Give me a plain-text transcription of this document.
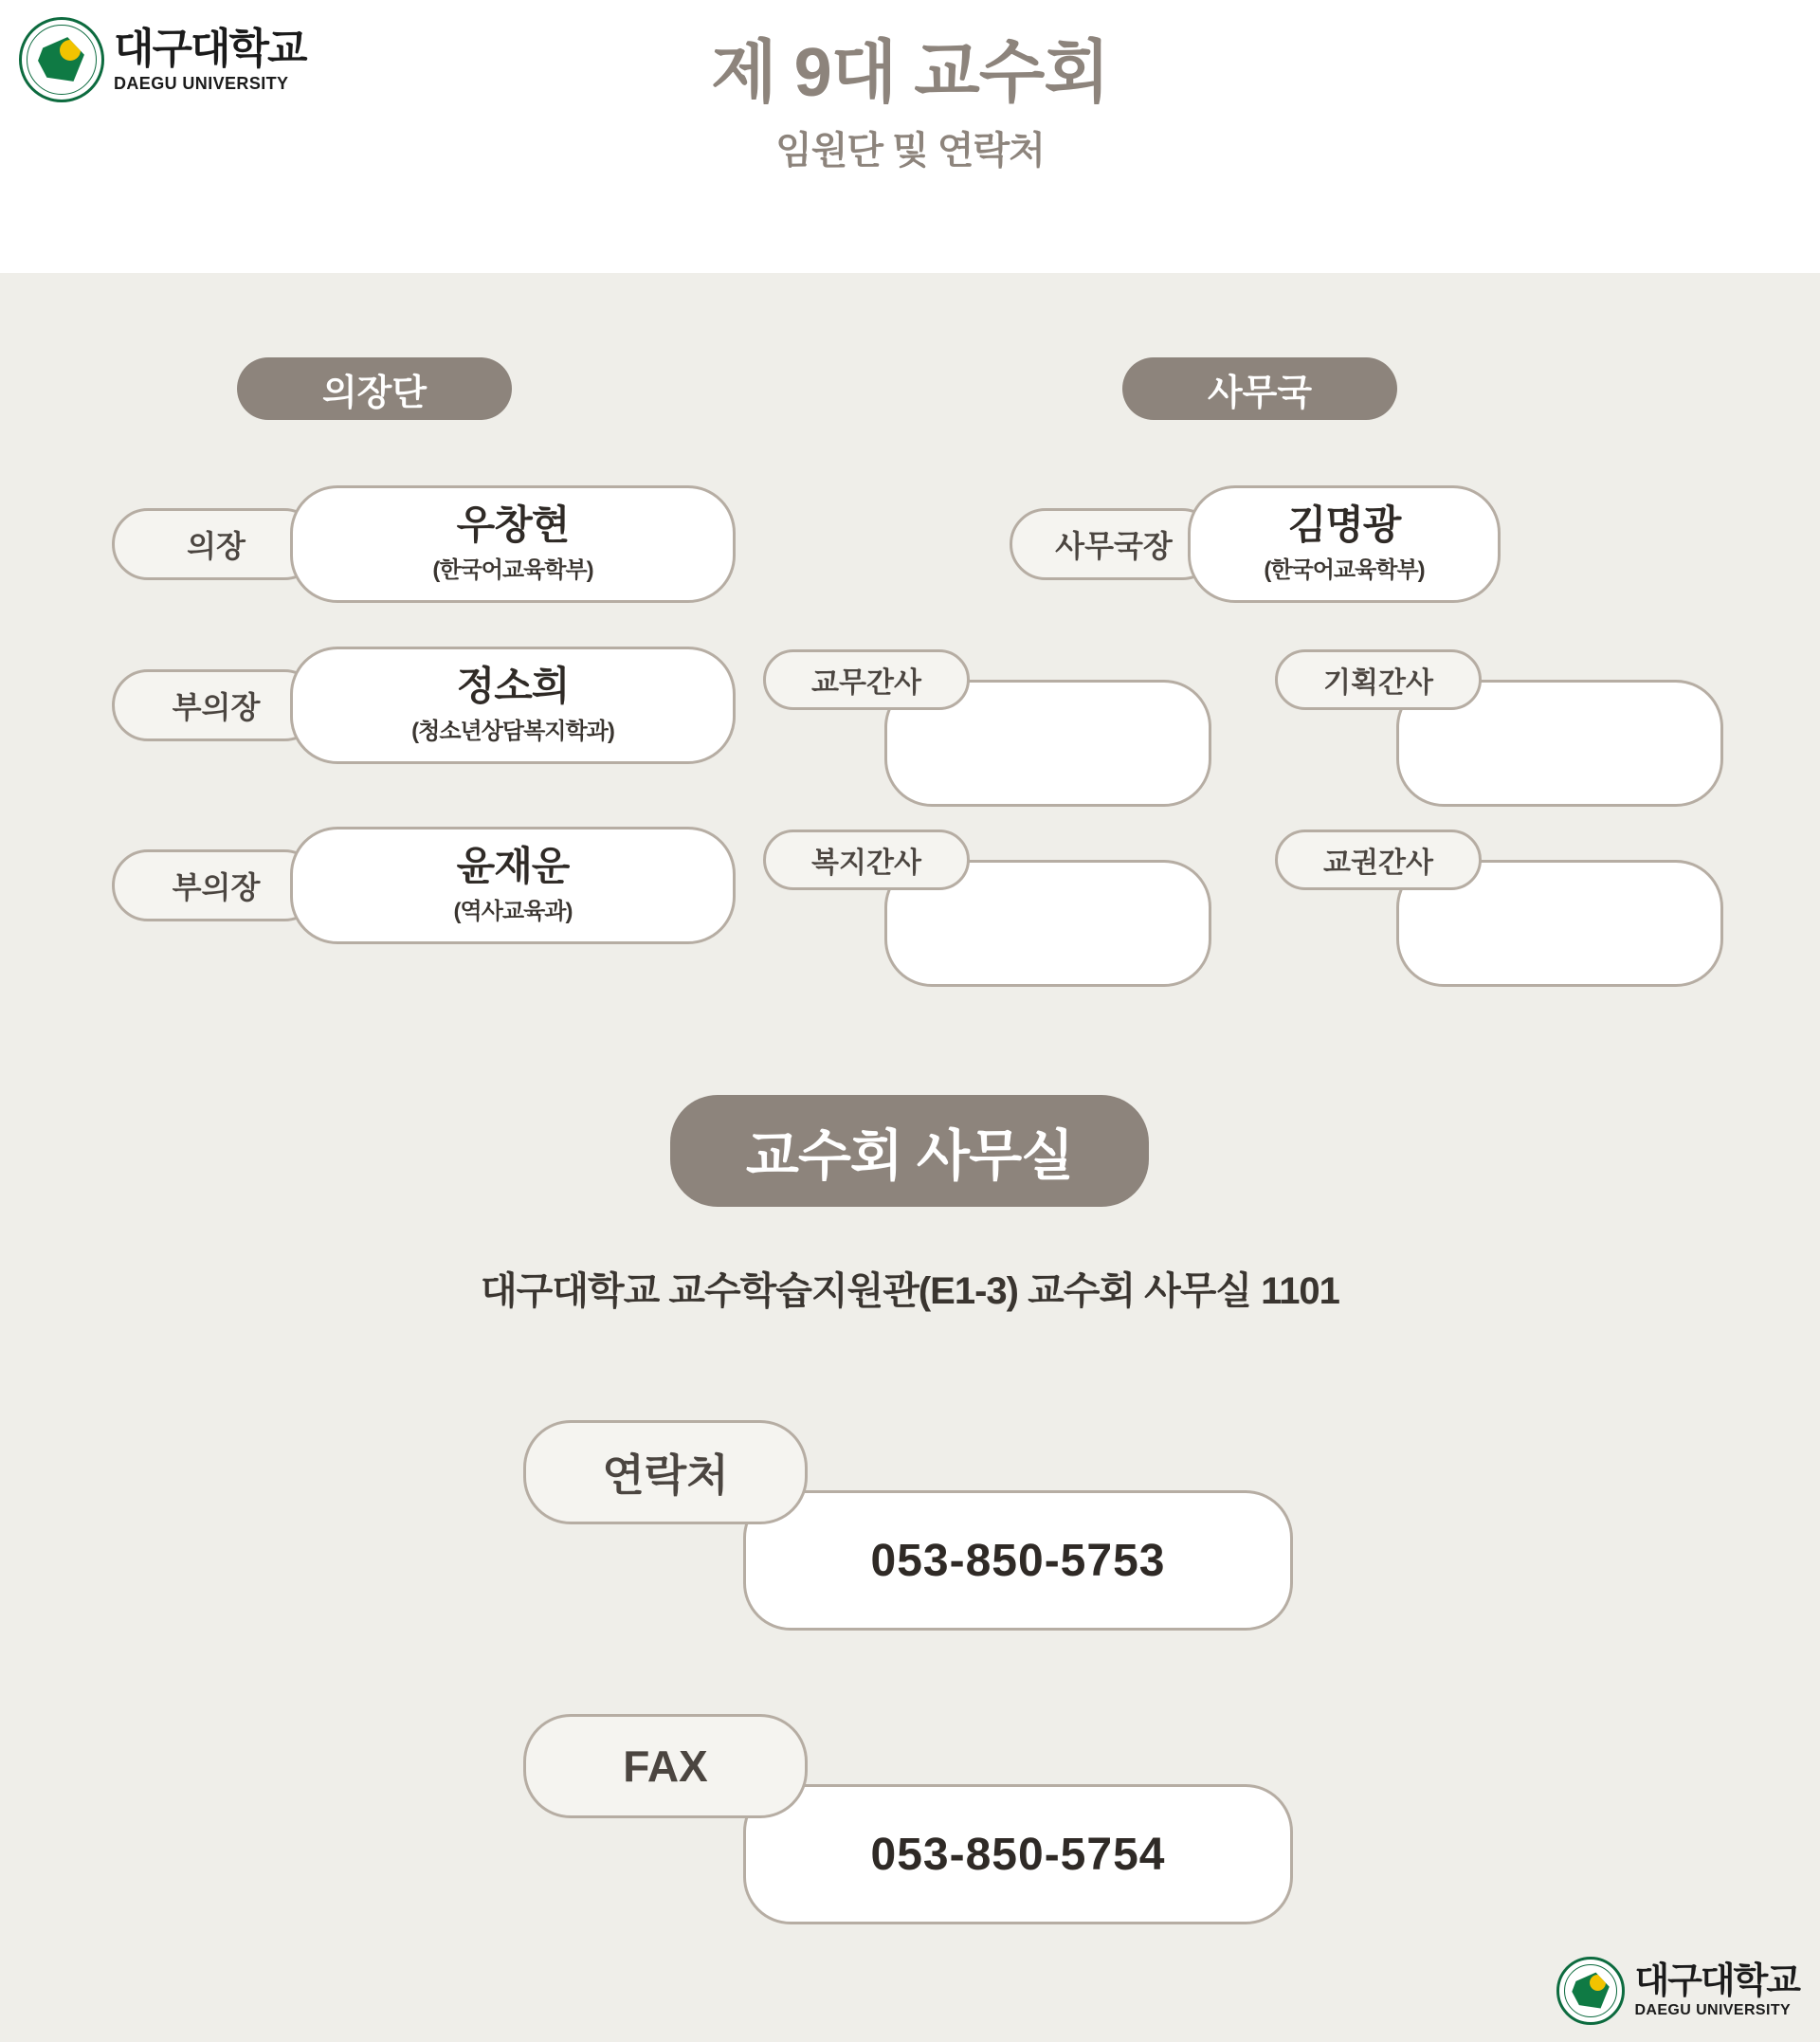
대구대학교
DAEGU UNIVERSITY	제 9대 교수회
임원단 및 연락처
의장단
의장	우창현
(한국어교육학부)
부의장	정소희
(청소년상담복지학과)
부의장	윤재운
(역사교육과)
사무국
사무국장	김명광
(한국어교육학부)
교무간사	기획간사
복지간사	교권간사
교수회 사무실
대구대학교 교수학습지원관(E1-3) 교수회 사무실 1101
연락처
053-850-5753
FAX
053-850-5754
대구대학교
DAEGU UNIVERSITY
